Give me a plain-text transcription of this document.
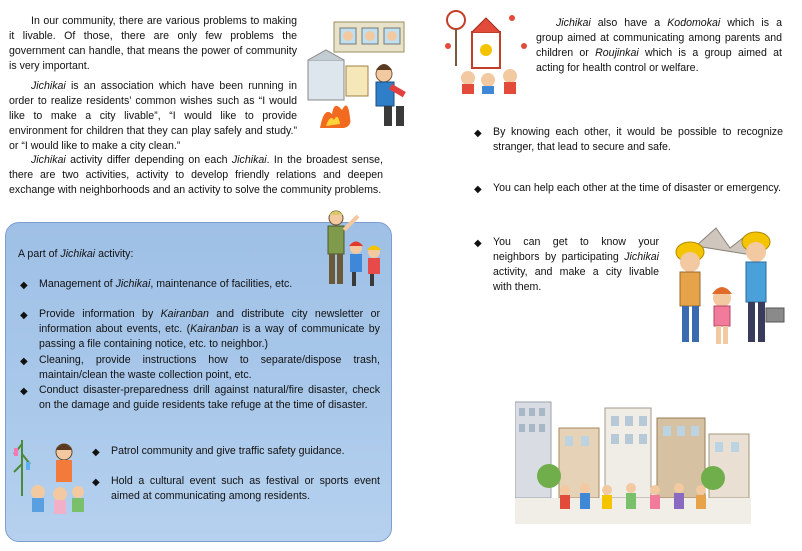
In our community, there are various problems to making it livable. Of those, there are only few problems the government can handle, that means the power of community is very important.

Jichikai is an association which have been running in order to realize residents’ common wishes such as “I would like to make a city livable”, “I would like to provide environment for children that they can play safely and study.” or “I would like to make a city clean.”

Jichikai activity differ depending on each Jichikai. In the broadest sense, there are two activities, activity to develop friendly relations and deepen exchange with neighborhoods and an activity to solve the community problems.

A part of Jichikai activity:
◆	Management of Jichikai, maintenance of facilities, etc.
◆	Provide information by Kairanban and distribute city newsletter or information about events, etc. (Kairanban is a way of communicate by passing a file containing notice, etc. to neighbor.)
◆	Cleaning, provide instructions how to separate/dispose trash, maintain/clean the waste collection point, etc.
◆	Conduct disaster-preparedness drill against natural/fire disaster, check on the damage and guide residents take refuge at the time of disaster.
◆	Patrol community and give traffic safety guidance.
◆	Hold a cultural event such as festival or sports event aimed at communicating among residents.
Jichikai also have a Kodomokai which is a group aimed at communicating among parents and children or Roujinkai which is a group aimed at acting for health control or welfare.
◆	By knowing each other, it would be possible to recognize stranger, that lead to secure and safe.
◆	You can help each other at the time of disaster or emergency.
◆	You can get to know your neighbors by participating Jichikai activity, and make a city livable with them.
